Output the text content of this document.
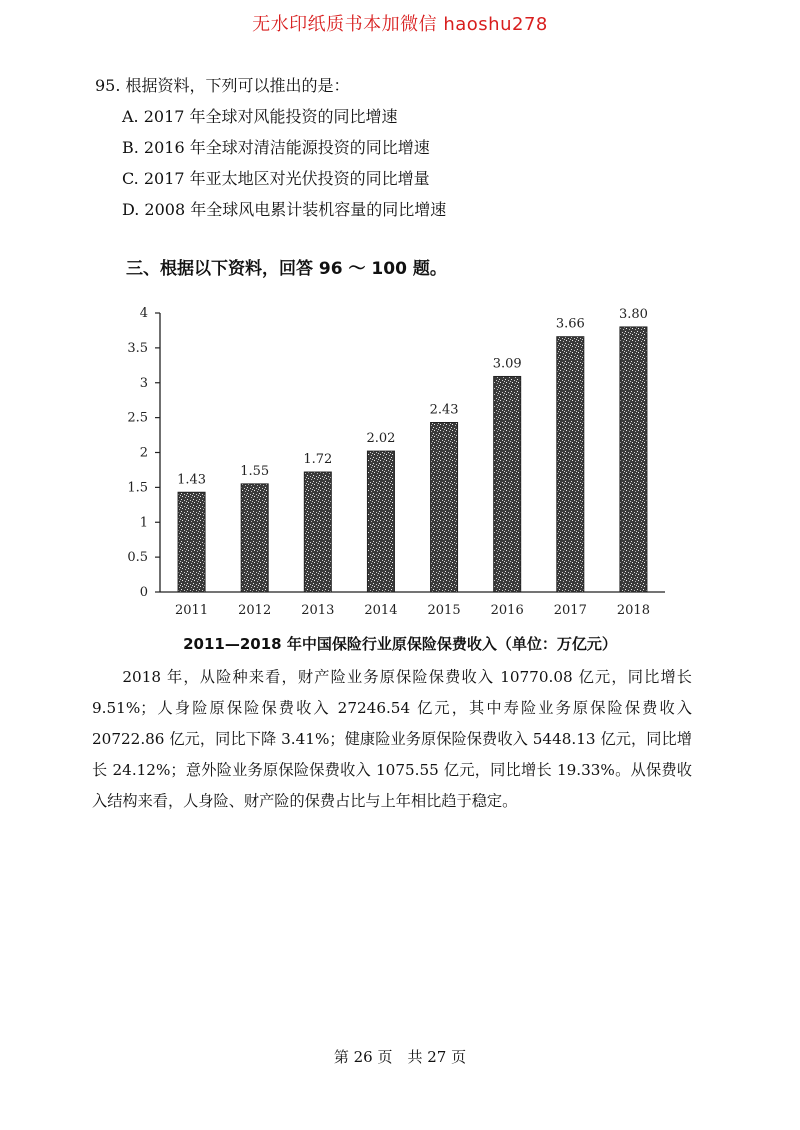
无水印纸质书本加微信 haoshu278
95. 根据资料，下列可以推出的是：
A. 2017 年全球对风能投资的同比增速
B. 2016 年全球对清洁能源投资的同比增速
C. 2017 年亚太地区对光伏投资的同比增量
D. 2008 年全球风电累计装机容量的同比增速
三、根据以下资料，回答 96 ～ 100 题。
0
0.5
1
1.5
2
2.5
3
3.5
4
1.43
2011
1.55
2012
1.72
2013
2.02
2014
2.43
2015
3.09
2016
3.66
2017
3.80
2018
2011—2018 年中国保险行业原保险保费收入（单位：万亿元）
2018 年，从险种来看，财产险业务原保险保费收入 10770.08 亿元，同比增长 9.51%；人身险原保险保费收入 27246.54 亿元，其中寿险业务原保险保费收入 20722.86 亿元，同比下降 3.41%；健康险业务原保险保费收入 5448.13 亿元，同比增长 24.12%；意外险业务原保险保费收入 1075.55 亿元，同比增长 19.33%。从保费收入结构来看，人身险、财产险的保费占比与上年相比趋于稳定。
第 26 页　共 27 页
